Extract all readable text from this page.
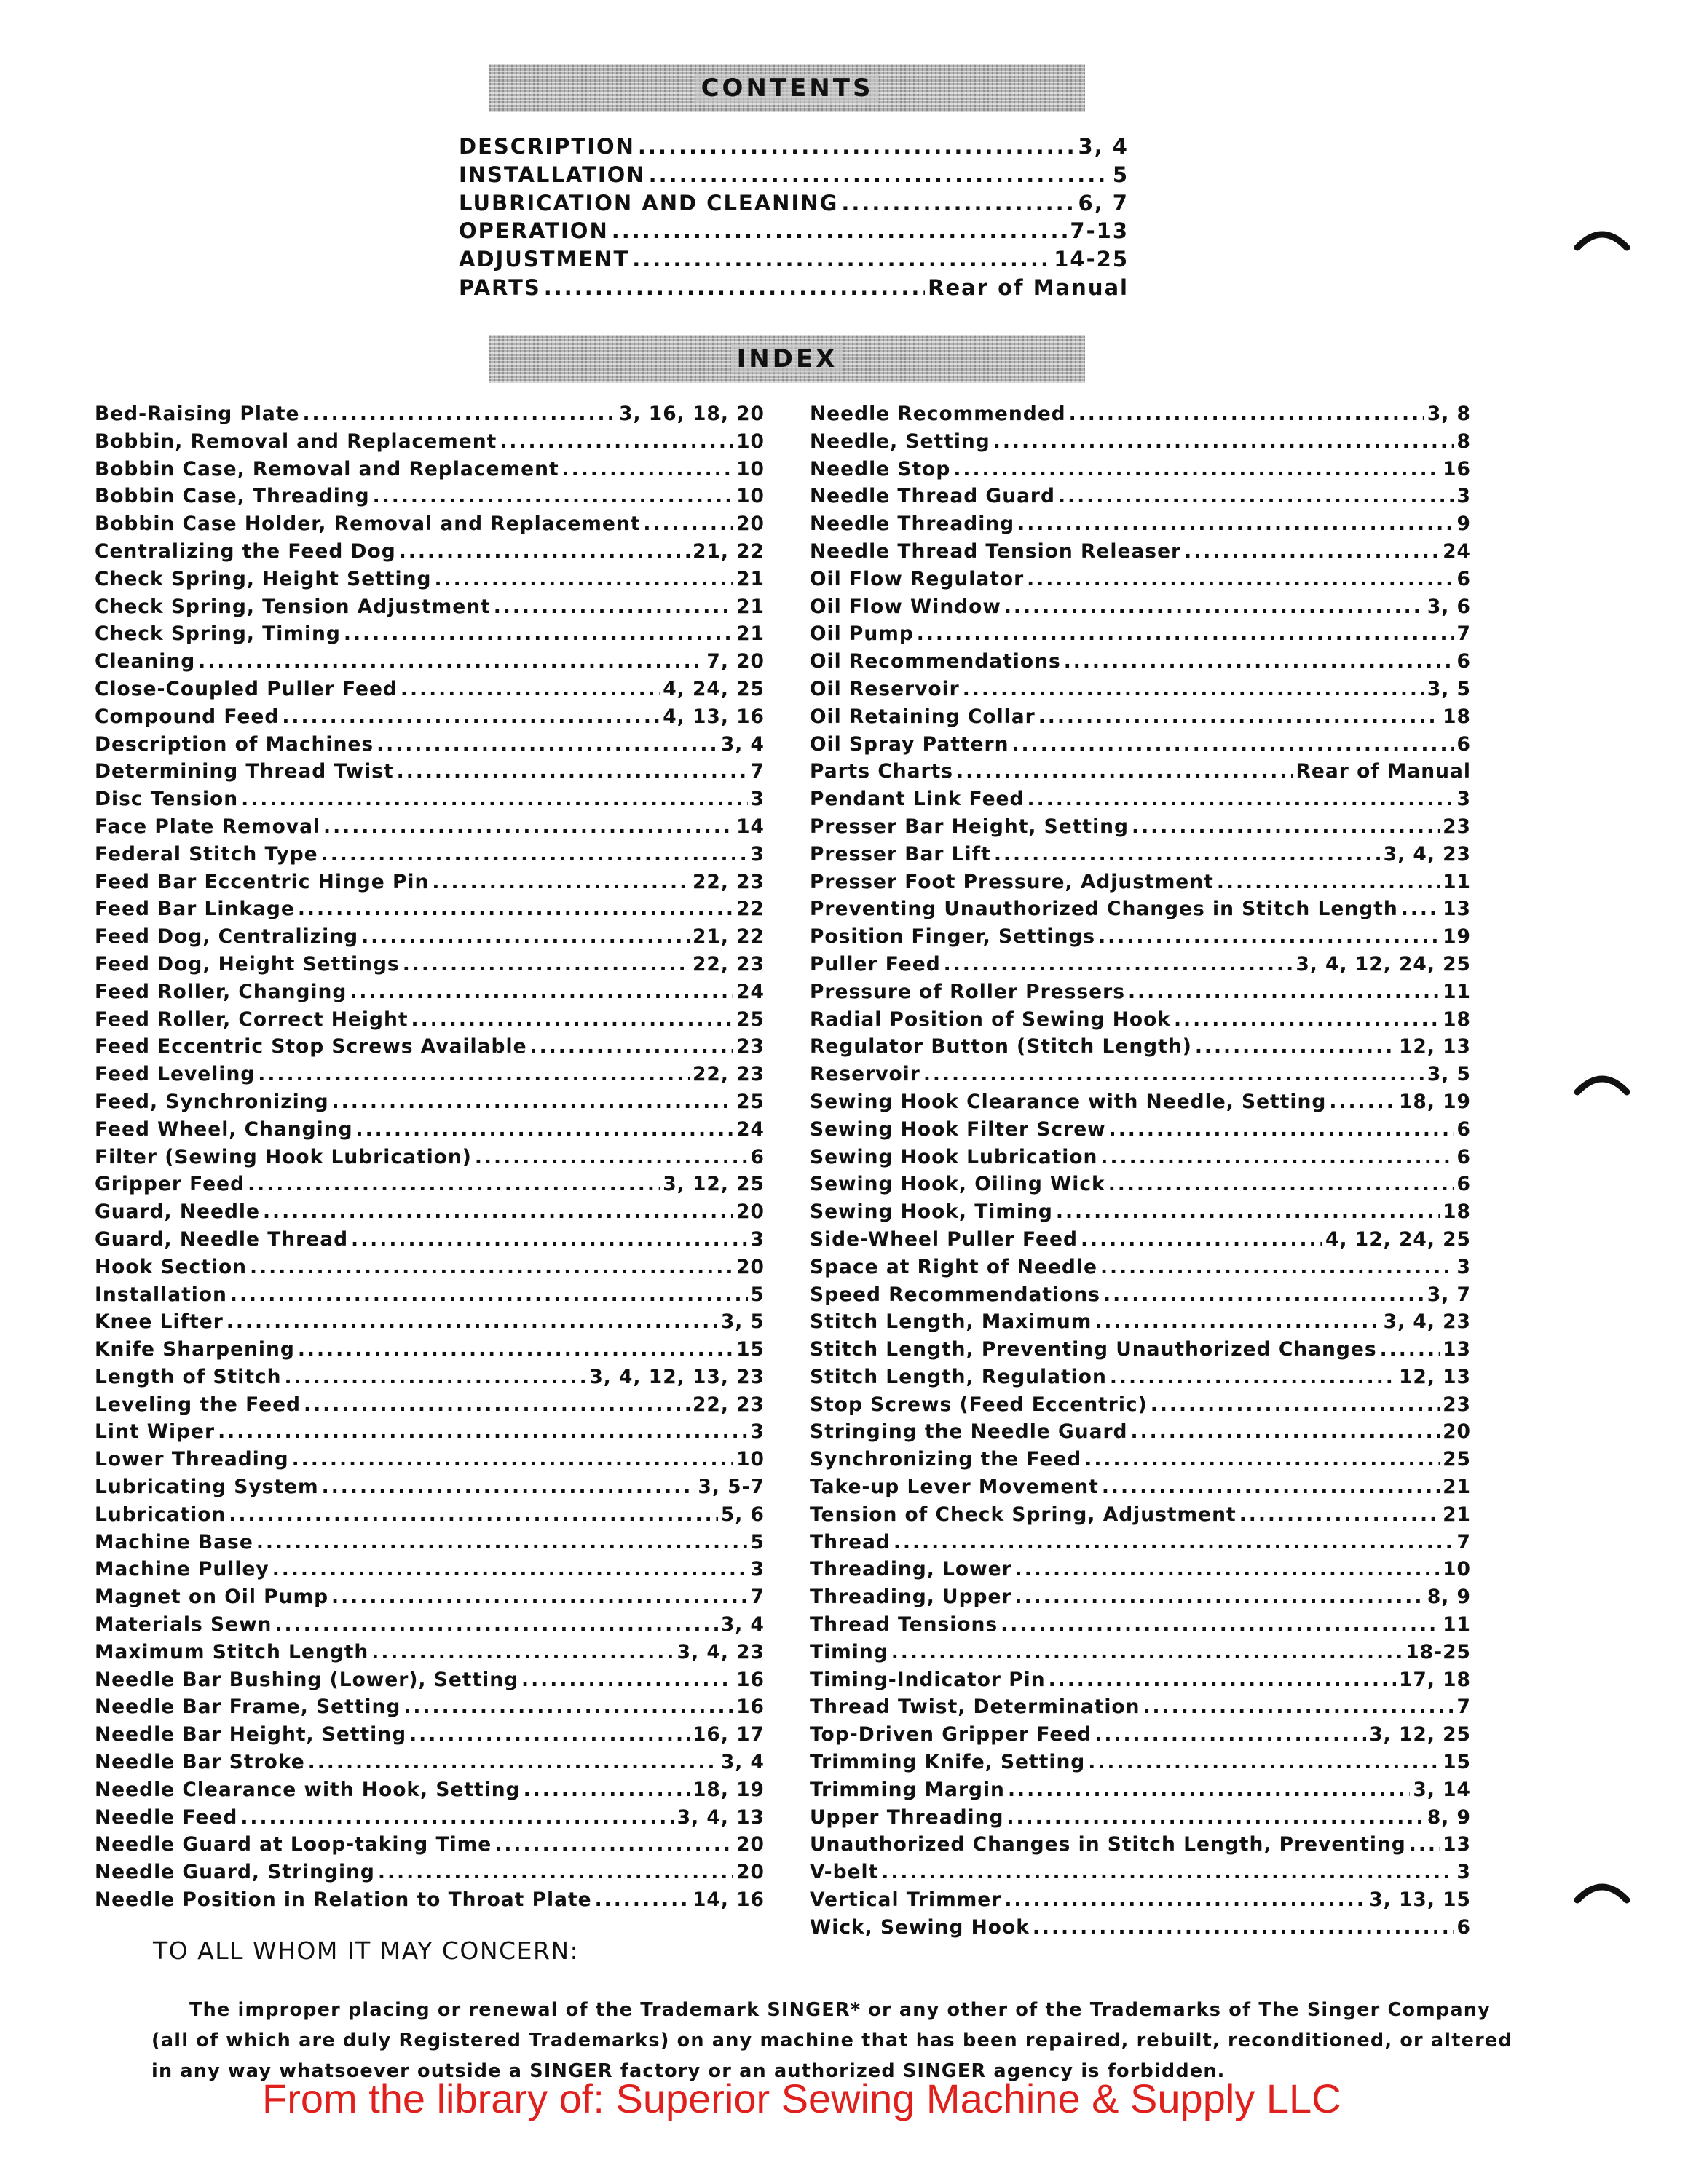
CONTENTS
DESCRIPTION .....	3, 4
INSTALLATION .....	5
LUBRICATION AND CLEANING .....	6, 7
OPERATION .....	7-13
ADJUSTMENT .....	14-25
PARTS .....	Rear of Manual
INDEX
Bed-Raising Plate .....	3, 16, 18, 20
Bobbin, Removal and Replacement .....	10
Bobbin Case, Removal and Replacement .....	10
Bobbin Case, Threading .....	10
Bobbin Case Holder, Removal and Replacement .....	20
Centralizing the Feed Dog .....	21, 22
Check Spring, Height Setting .....	21
Check Spring, Tension Adjustment .....	21
Check Spring, Timing .....	21
Cleaning .....	7, 20
Close-Coupled Puller Feed .....	4, 24, 25
Compound Feed .....	4, 13, 16
Description of Machines .....	3, 4
Determining Thread Twist .....	7
Disc Tension .....	3
Face Plate Removal .....	14
Federal Stitch Type .....	3
Feed Bar Eccentric Hinge Pin .....	22, 23
Feed Bar Linkage .....	22
Feed Dog, Centralizing .....	21, 22
Feed Dog, Height Settings .....	22, 23
Feed Roller, Changing .....	24
Feed Roller, Correct Height .....	25
Feed Eccentric Stop Screws Available .....	23
Feed Leveling .....	22, 23
Feed, Synchronizing .....	25
Feed Wheel, Changing .....	24
Filter (Sewing Hook Lubrication) .....	6
Gripper Feed .....	3, 12, 25
Guard, Needle .....	20
Guard, Needle Thread .....	3
Hook Section .....	20
Installation .....	5
Knee Lifter .....	3, 5
Knife Sharpening .....	15
Length of Stitch .....	3, 4, 12, 13, 23
Leveling the Feed .....	22, 23
Lint Wiper .....	3
Lower Threading .....	10
Lubricating System .....	3, 5-7
Lubrication .....	5, 6
Machine Base .....	5
Machine Pulley .....	3
Magnet on Oil Pump .....	7
Materials Sewn .....	3, 4
Maximum Stitch Length .....	3, 4, 23
Needle Bar Bushing (Lower), Setting .....	16
Needle Bar Frame, Setting .....	16
Needle Bar Height, Setting .....	16, 17
Needle Bar Stroke .....	3, 4
Needle Clearance with Hook, Setting .....	18, 19
Needle Feed .....	3, 4, 13
Needle Guard at Loop-taking Time .....	20
Needle Guard, Stringing .....	20
Needle Position in Relation to Throat Plate .....	14, 16
Needle Recommended .....	3, 8
Needle, Setting .....	8
Needle Stop .....	16
Needle Thread Guard .....	3
Needle Threading .....	9
Needle Thread Tension Releaser .....	24
Oil Flow Regulator .....	6
Oil Flow Window .....	3, 6
Oil Pump .....	7
Oil Recommendations .....	6
Oil Reservoir .....	3, 5
Oil Retaining Collar .....	18
Oil Spray Pattern .....	6
Parts Charts .....	Rear of Manual
Pendant Link Feed .....	3
Presser Bar Height, Setting .....	23
Presser Bar Lift .....	3, 4, 23
Presser Foot Pressure, Adjustment .....	11
Preventing Unauthorized Changes in Stitch Length ..... 13
Position Finger, Settings .....	19
Puller Feed .....	3, 4, 12, 24, 25
Pressure of Roller Pressers .....	11
Radial Position of Sewing Hook .....	18
Regulator Button (Stitch Length) .....	12, 13
Reservoir .....	3, 5
Sewing Hook Clearance with Needle, Setting .....	18, 19
Sewing Hook Filter Screw .....	6
Sewing Hook Lubrication .....	6
Sewing Hook, Oiling Wick .....	6
Sewing Hook, Timing .....	18
Side-Wheel Puller Feed .....	4, 12, 24, 25
Space at Right of Needle .....	3
Speed Recommendations .....	3, 7
Stitch Length, Maximum .....	3, 4, 23
Stitch Length, Preventing Unauthorized Changes .....	13
Stitch Length, Regulation .....	12, 13
Stop Screws (Feed Eccentric) .....	23
Stringing the Needle Guard .....	20
Synchronizing the Feed .....	25
Take-up Lever Movement .....	21
Tension of Check Spring, Adjustment .....	21
Thread .....	7
Threading, Lower .....	10
Threading, Upper .....	8, 9
Thread Tensions .....	11
Timing .....	18-25
Timing-Indicator Pin .....	17, 18
Thread Twist, Determination .....	7
Top-Driven Gripper Feed .....	3, 12, 25
Trimming Knife, Setting .....	15
Trimming Margin .....	3, 14
Upper Threading .....	8, 9
Unauthorized Changes in Stitch Length, Preventing ..... 13
V-belt .....	3
Vertical Trimmer .....	3, 13, 15
Wick, Sewing Hook .....	6
TO ALL WHOM IT MAY CONCERN:
The improper placing or renewal of the Trademark SINGER* or any other of the Trademarks of The Singer Company
(all of which are duly Registered Trademarks) on any machine that has been repaired, rebuilt, reconditioned, or altered
in any way whatsoever outside a SINGER factory or an authorized SINGER agency is forbidden.
From the library of: Superior Sewing Machine & Supply LLC
